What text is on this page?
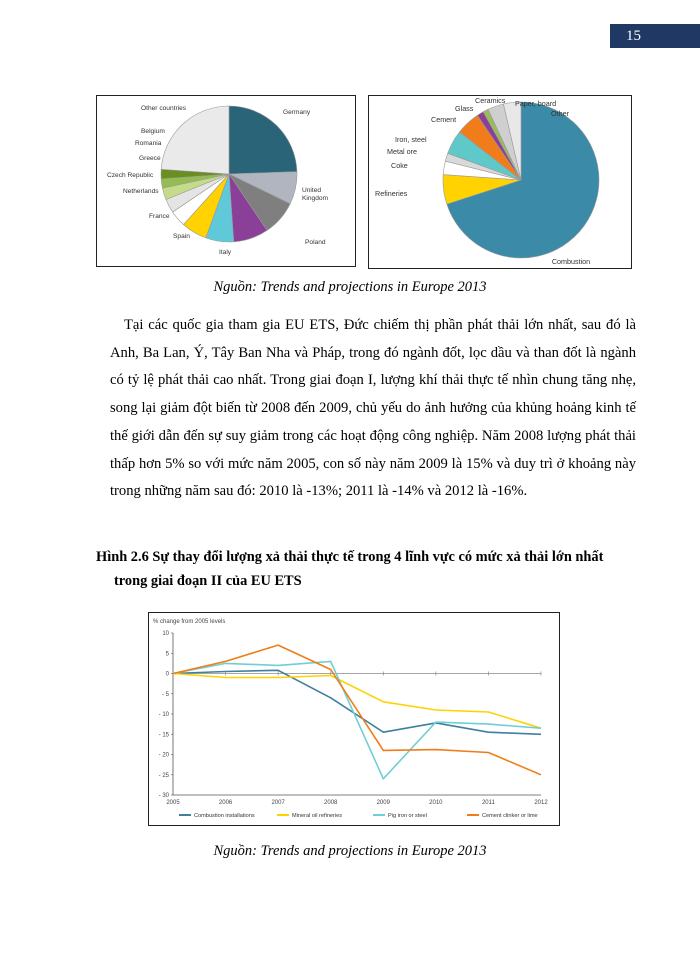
15
Germany
United Kingdom
Poland
Italy
Spain
France
Netherlands
Czech Republic
Greece
Romania
Belgium
Other countries
Combustion
Refineries
Coke
Metal ore
Iron, steel
Cement
Glass
Ceramics Paper, board
Other
Nguồn: Trends and projections in Europe 2013

Tại các quốc gia tham gia EU ETS, Đức chiếm thị phần phát thải lớn nhất, sau đó là Anh, Ba Lan, Ý, Tây Ban Nha và Pháp, trong đó ngành đốt, lọc dầu và than đốt là ngành có tỷ lệ phát thải cao nhất. Trong giai đoạn I, lượng khí thải thực tế nhìn chung tăng nhẹ, song lại giảm đột biến từ 2008 đến 2009, chủ yếu do ảnh hưởng của khủng hoảng kinh tế thế giới dẫn đến sự suy giảm trong các hoạt động công nghiệp. Năm 2008 lượng phát thải thấp hơn 5% so với mức năm 2005, con số này năm 2009 là 15% và duy trì ở khoảng này trong những năm sau đó: 2010 là -13%; 2011 là -14% và 2012 là -16%.

Hình 2.6 Sự thay đổi lượng xả thải thực tế trong 4 lĩnh vực có mức xả thải lớn nhất
trong giai đoạn II của EU ETS

% change from 2005 levels
10
5
0
- 5
- 10
- 15
- 20
- 25
- 30
2005	2006	2007	2008	2009	2010	2011	2012
Combustion installations	Mineral oil refineries	Pig iron or steel	Cement clinker or lime
Nguồn: Trends and projections in Europe 2013
